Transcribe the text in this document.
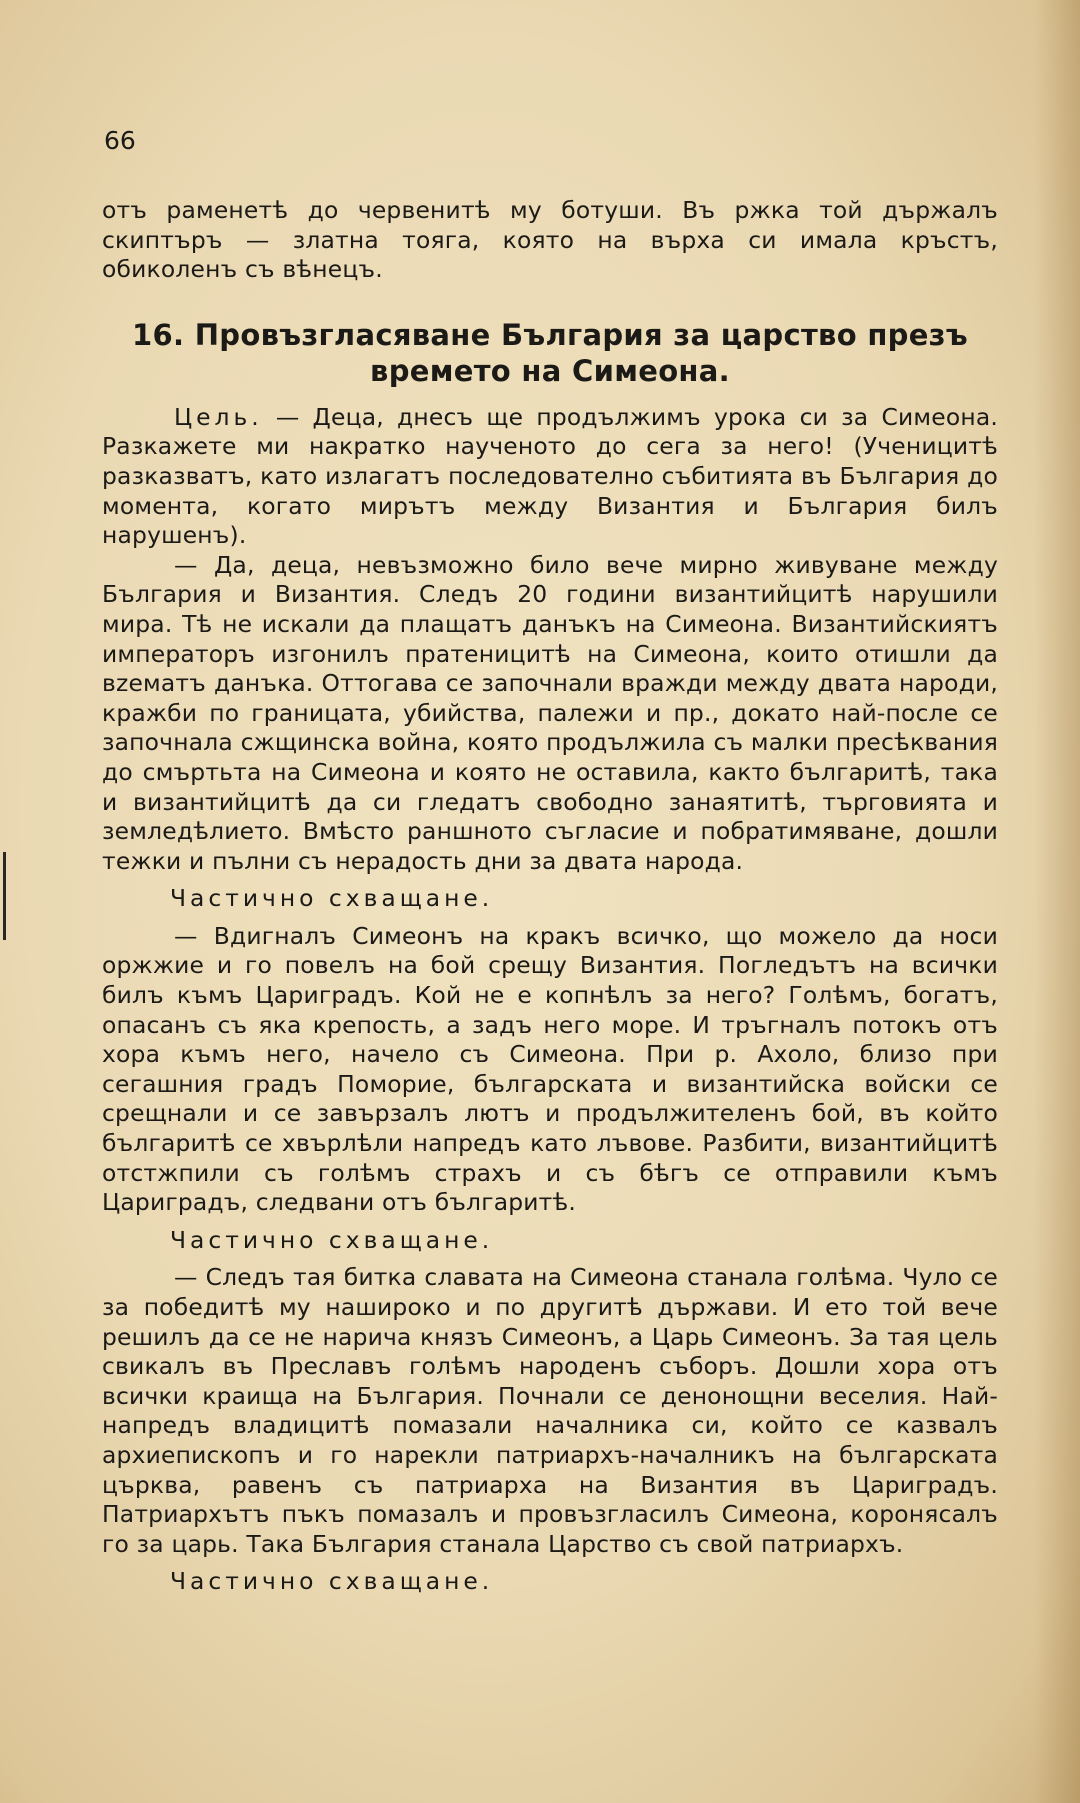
66

отъ раменетѣ до червенитѣ му ботуши. Въ ржка той държалъ скиптъръ — златна тояга, която на върха си имала кръстъ, обиколенъ съ вѣнецъ.

16. Провъзгласяване България за царство презъ
времето на Симеона.

Цель. — Деца, днесъ ще продължимъ урока си за Симеона. Разкажете ми накратко наученото до сега за него! (Ученицитѣ разказватъ, като излагатъ последователно събитията въ България до момента, когато мирътъ между Византия и България билъ нарушенъ).

— Да, деца, невъзможно било вече мирно живуване между България и Византия. Следъ 20 години византийцитѣ нарушили мира. Тѣ не искали да плащатъ данъкъ на Симеона. Византийскиятъ императоръ изгонилъ пратеницитѣ на Симеона, които отишли да вzематъ данъка. Оттогава се започнали вражди между двата народи, кражби по границата, убийства, палежи и пр., докато най-после се започнала сжщинска война, която продължила съ малки пресѣквания до смъртьта на Симеона и която не оставила, както българитѣ, така и византийцитѣ да си гледатъ свободно занаятитѣ, търговията и земледѣлието. Вмѣсто раншното съгласие и побратимяване, дошли тежки и пълни съ нерадость дни за двата народа.

Частично схващане.

— Вдигналъ Симеонъ на кракъ всичко, що можело да носи оржжие и го повелъ на бой срещу Византия. Погледътъ на всички билъ къмъ Цариградъ. Кой не е копнѣлъ за него? Голѣмъ, богатъ, опасанъ съ яка крепость, а задъ него море. И тръгналъ потокъ отъ хора къмъ него, начело съ Симеона. При р. Ахоло, близо при сегашния градъ Поморие, българската и византийска войски се срещнали и се завързалъ лютъ и продължителенъ бой, въ който българитѣ се хвърлѣли напредъ като лъвове. Разбити, византийцитѣ отстжпили съ голѣмъ страхъ и съ бѣгъ се отправили къмъ Цариградъ, следвани отъ българитѣ.

Частично схващане.

— Следъ тая битка славата на Симеона станала голѣма. Чуло се за победитѣ му нашироко и по другитѣ държави. И ето той вече решилъ да се не нарича князъ Симеонъ, а Царь Симеонъ. За тая цель свикалъ въ Преславъ голѣмъ народенъ съборъ. Дошли хора отъ всички краища на България. Почнали се денонощни веселия. Най-напредъ владицитѣ помазали началника си, който се казвалъ архиепископъ и го нарекли патриархъ-началникъ на българската църква, равенъ съ патриарха на Византия въ Цариградъ. Патриархътъ пъкъ помазалъ и провъзгласилъ Симеона, коронясалъ го за царь. Така България станала Царство съ свой патриархъ.

Частично схващане.
